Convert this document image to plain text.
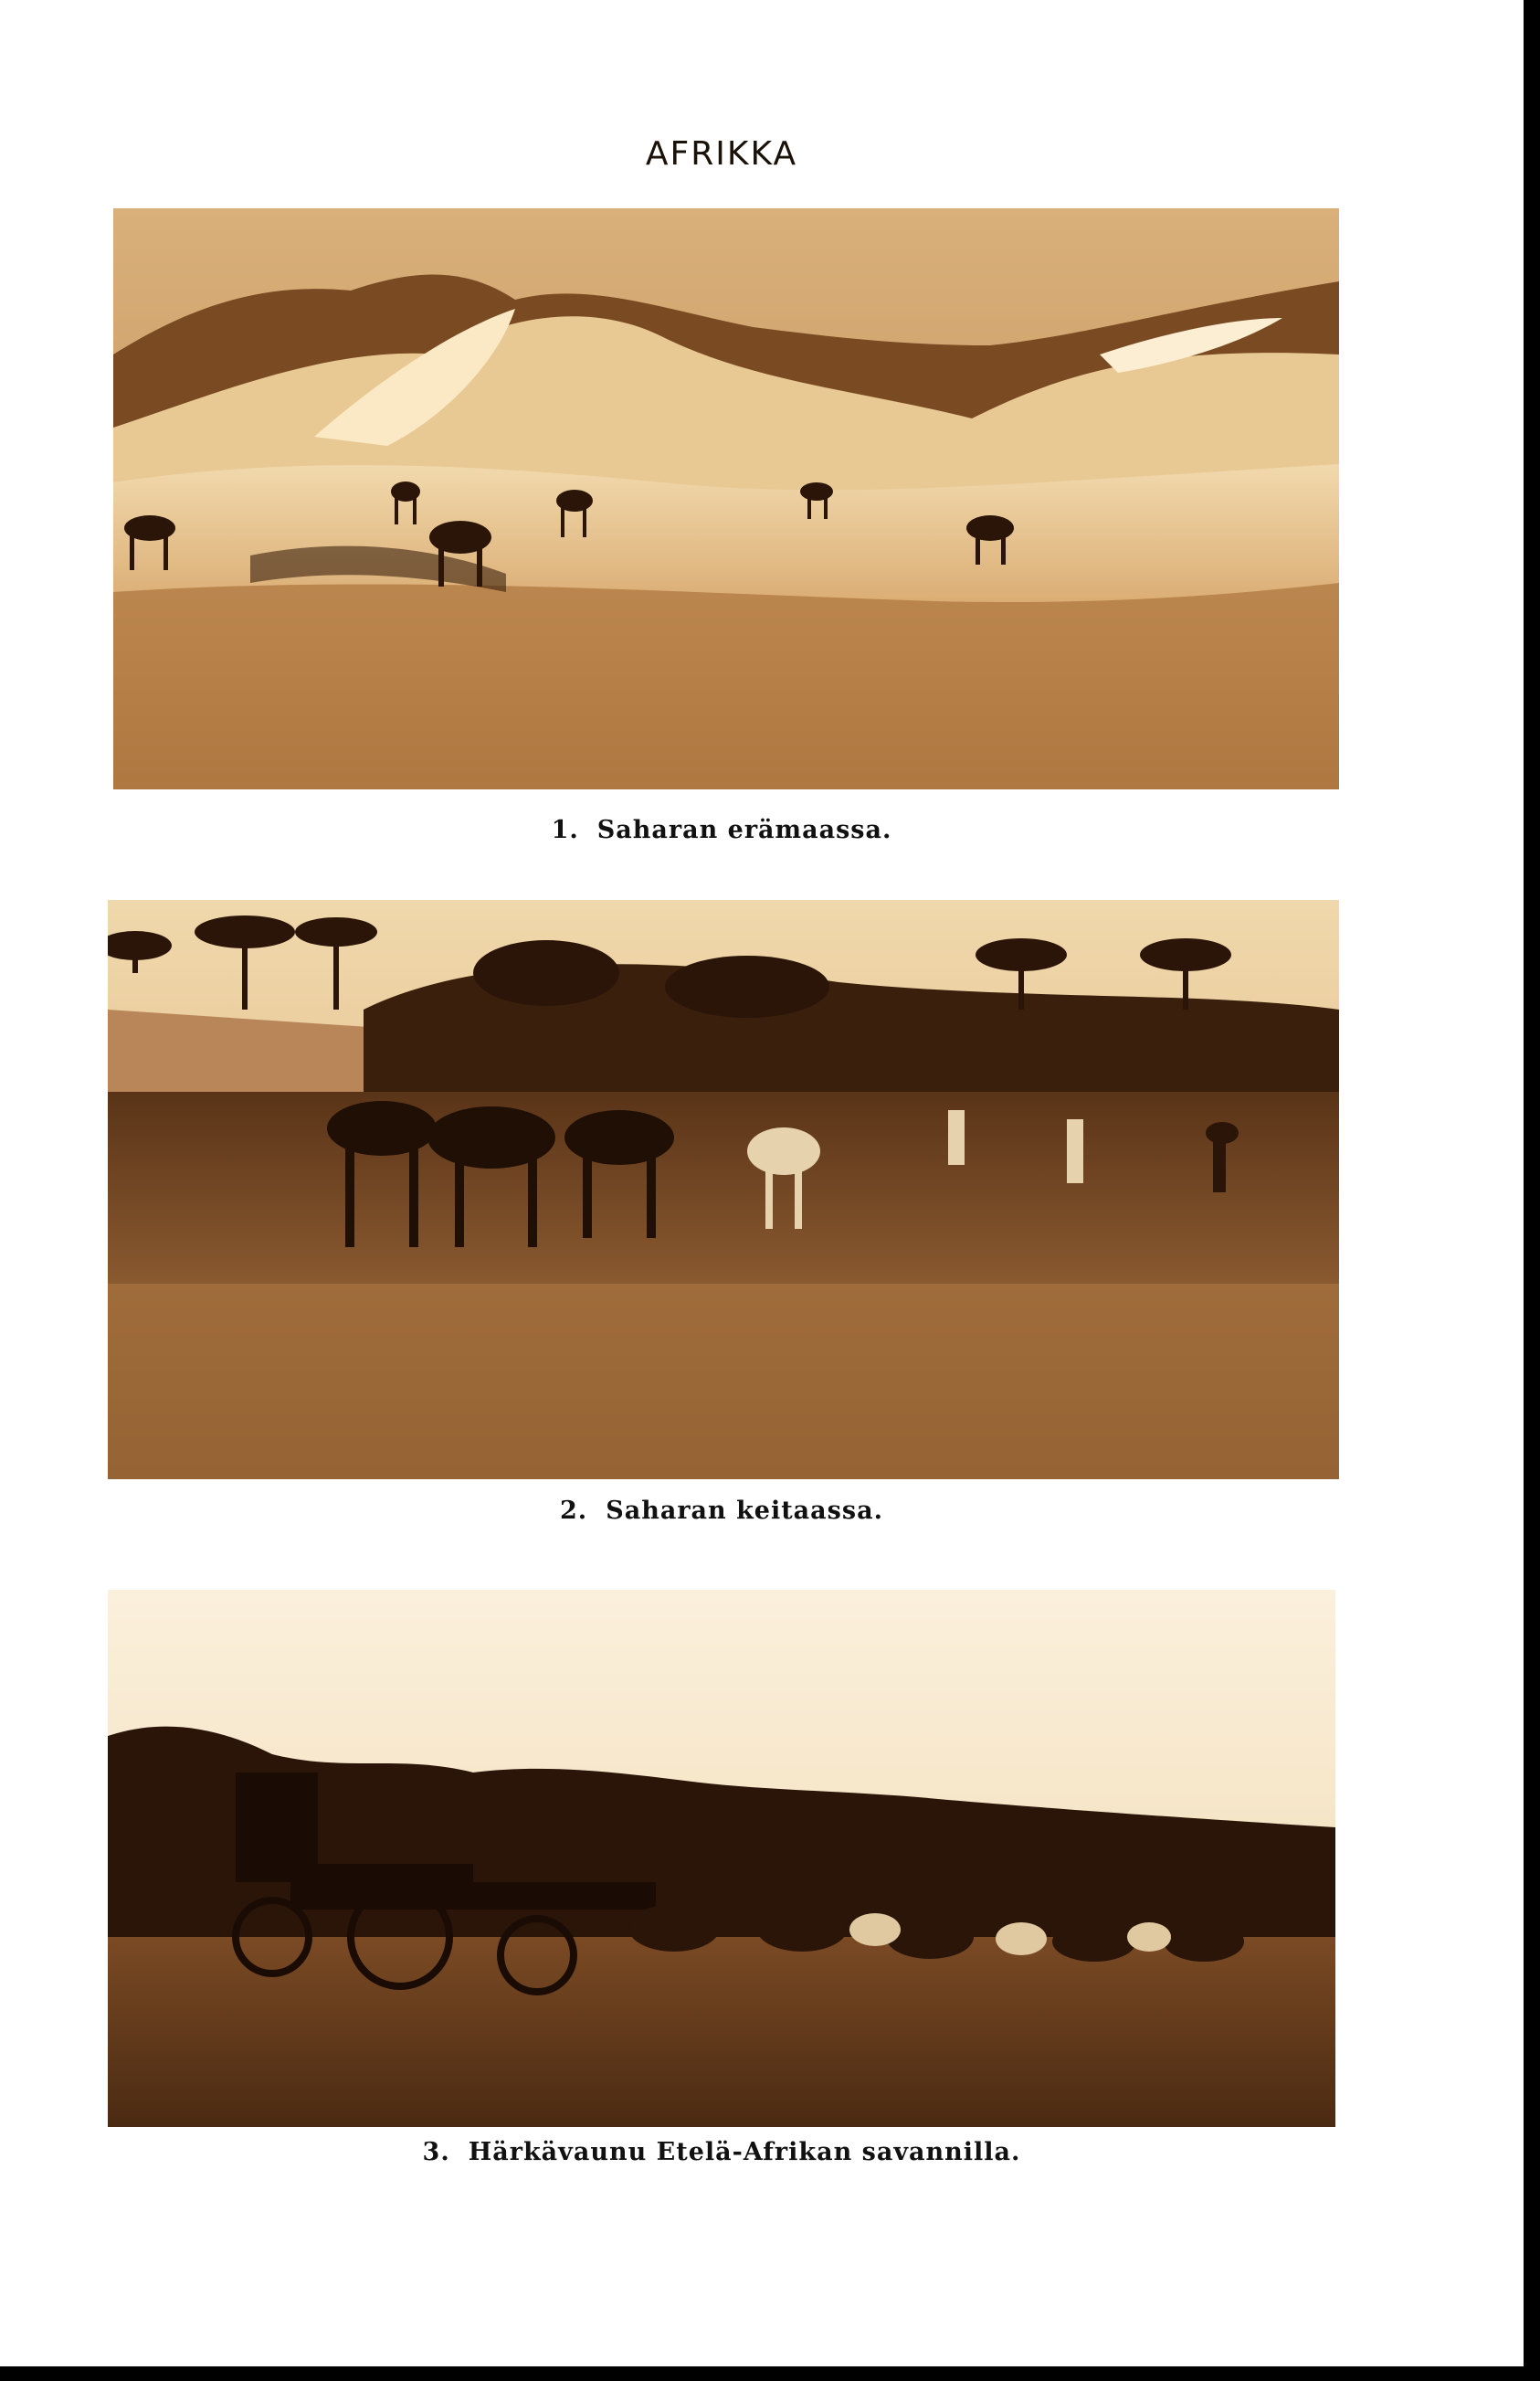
AFRIKKA
1. Saharan erämaassa.
2. Saharan keitaassa.
3. Härkävaunu Etelä-Afrikan savannilla.
